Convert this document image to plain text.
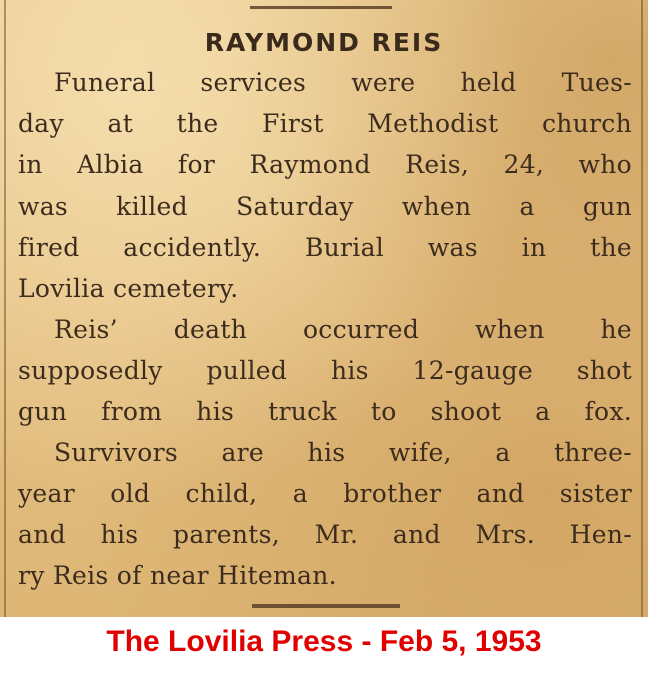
RAYMOND REIS
Funeral services were held Tues-
day at the First Methodist church
in Albia for Raymond Reis, 24, who
was killed Saturday when a gun
fired accidently. Burial was in the
Lovilia cemetery.
Reis’ death occurred when he
supposedly pulled his 12-gauge shot
gun from his truck to shoot a fox.
Survivors are his wife, a three-
year old child, a brother and sister
and his parents, Mr. and Mrs. Hen-
ry Reis of near Hiteman.
The Lovilia Press - Feb 5, 1953
